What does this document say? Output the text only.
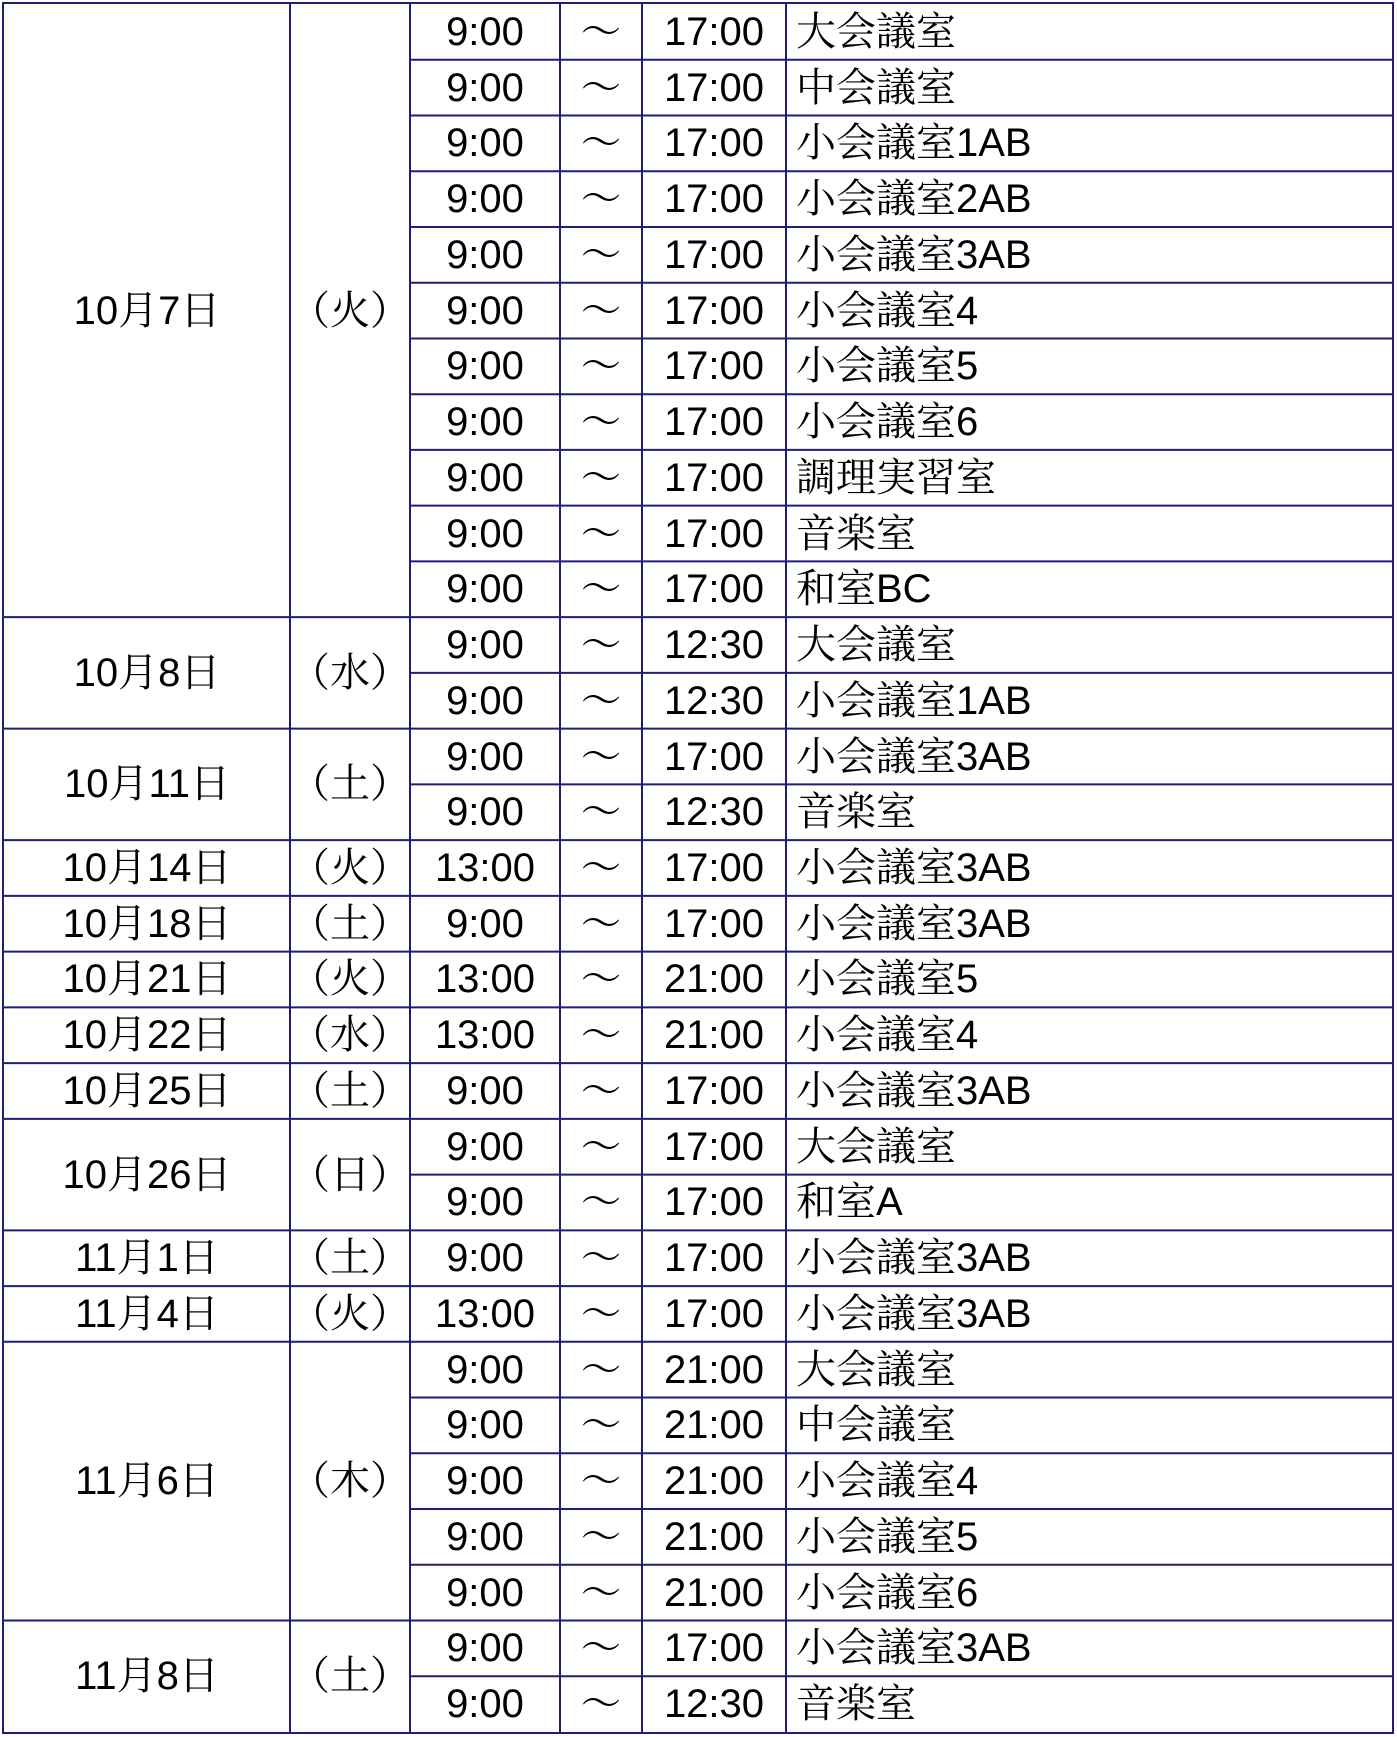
10月7日	（火）
9:00	～	17:00 大会議室
9:00	～	17:00 中会議室
9:00	～	17:00 小会議室1AB
9:00	～	17:00 小会議室2AB
9:00	～	17:00 小会議室3AB
9:00	～	17:00 小会議室4
9:00	～	17:00 小会議室5
9:00	～	17:00 小会議室6
9:00	～	17:00 調理実習室
9:00	～	17:00 音楽室
9:00	～	17:00 和室BC
10月8日	（水）
9:00	～	12:30 大会議室
9:00	～	12:30 小会議室1AB
10月11日	（土）
9:00	～	17:00 小会議室3AB
9:00	～	12:30 音楽室
10月14日	（火） 13:00	～	17:00 小会議室3AB
10月18日	（土） 9:00	～	17:00 小会議室3AB
10月21日	（火） 13:00	～	21:00 小会議室5
10月22日	（水） 13:00	～	21:00 小会議室4
10月25日	（土） 9:00	～	17:00 小会議室3AB
10月26日	（日）
9:00	～	17:00 大会議室
9:00	～	17:00 和室A
11月1日	（土） 9:00	～	17:00 小会議室3AB
11月4日	（火） 13:00	～	17:00 小会議室3AB
11月6日	（木）
9:00	～	21:00 大会議室
9:00	～	21:00 中会議室
9:00	～	21:00 小会議室4
9:00	～	21:00 小会議室5
9:00	～	21:00 小会議室6
11月8日	（土）
9:00	～	17:00 小会議室3AB
9:00	～	12:30 音楽室
